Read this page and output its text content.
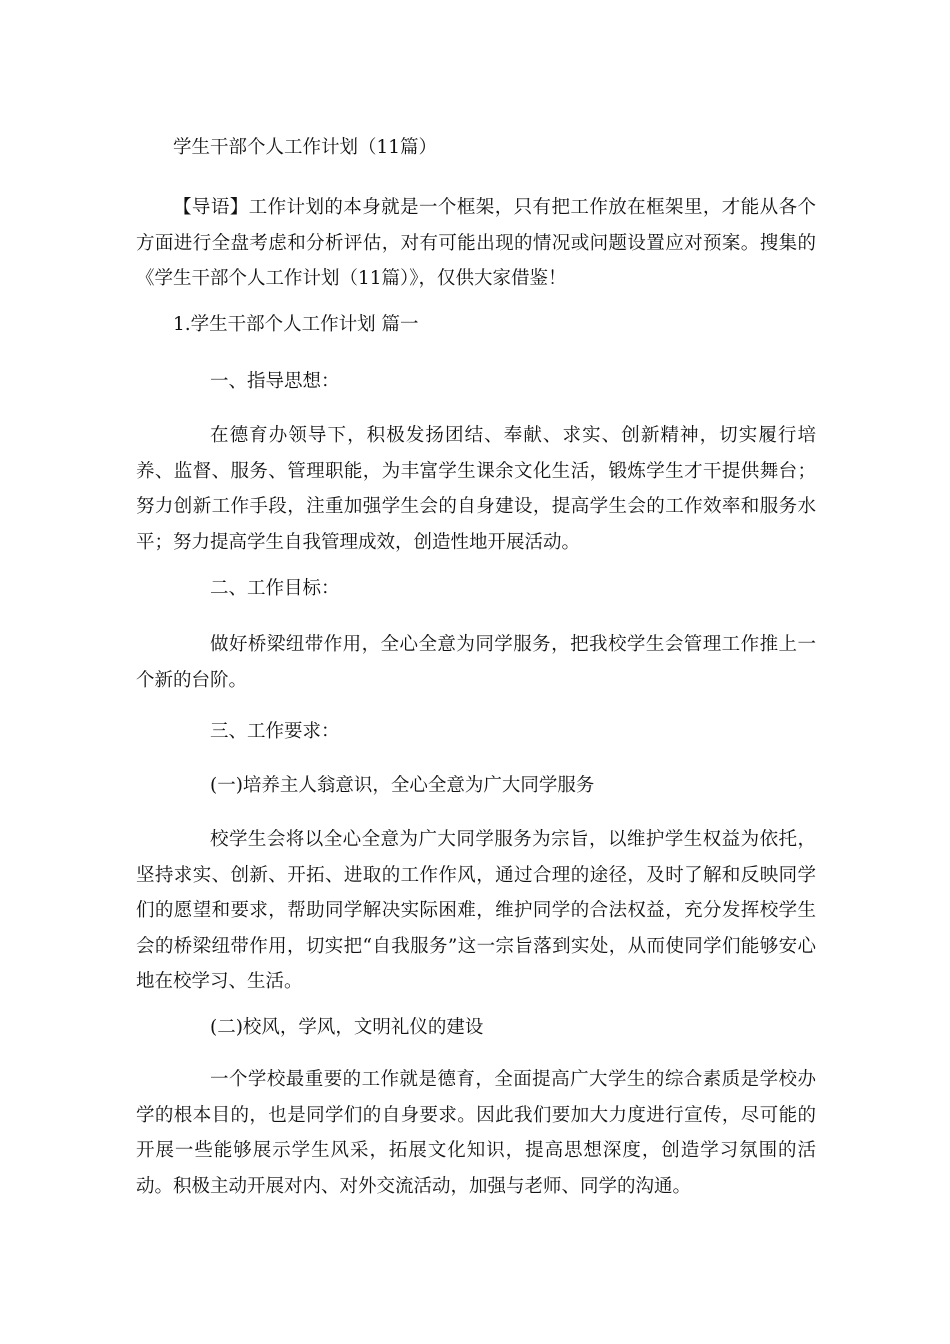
学生干部个人工作计划（11篇）

【导语】工作计划的本身就是一个框架，只有把工作放在框架里，才能从各个方面进行全盘考虑和分析评估，对有可能出现的情况或问题设置应对预案。搜集的《学生干部个人工作计划（11篇）》，仅供大家借鉴！

1.学生干部个人工作计划 篇一

一、指导思想：

在德育办领导下，积极发扬团结、奉献、求实、创新精神，切实履行培养、监督、服务、管理职能，为丰富学生课余文化生活，锻炼学生才干提供舞台；努力创新工作手段，注重加强学生会的自身建设，提高学生会的工作效率和服务水平；努力提高学生自我管理成效，创造性地开展活动。

二、工作目标：

做好桥梁纽带作用，全心全意为同学服务，把我校学生会管理工作推上一个新的台阶。

三、工作要求：

(一)培养主人翁意识，全心全意为广大同学服务

校学生会将以全心全意为广大同学服务为宗旨，以维护学生权益为依托，坚持求实、创新、开拓、进取的工作作风，通过合理的途径，及时了解和反映同学们的愿望和要求，帮助同学解决实际困难，维护同学的合法权益，充分发挥校学生会的桥梁纽带作用，切实把“自我服务”这一宗旨落到实处，从而使同学们能够安心地在校学习、生活。

(二)校风，学风，文明礼仪的建设

一个学校最重要的工作就是德育，全面提高广大学生的综合素质是学校办学的根本目的，也是同学们的自身要求。因此我们要加大力度进行宣传，尽可能的开展一些能够展示学生风采，拓展文化知识，提高思想深度，创造学习氛围的活动。积极主动开展对内、对外交流活动，加强与老师、同学的沟通。
